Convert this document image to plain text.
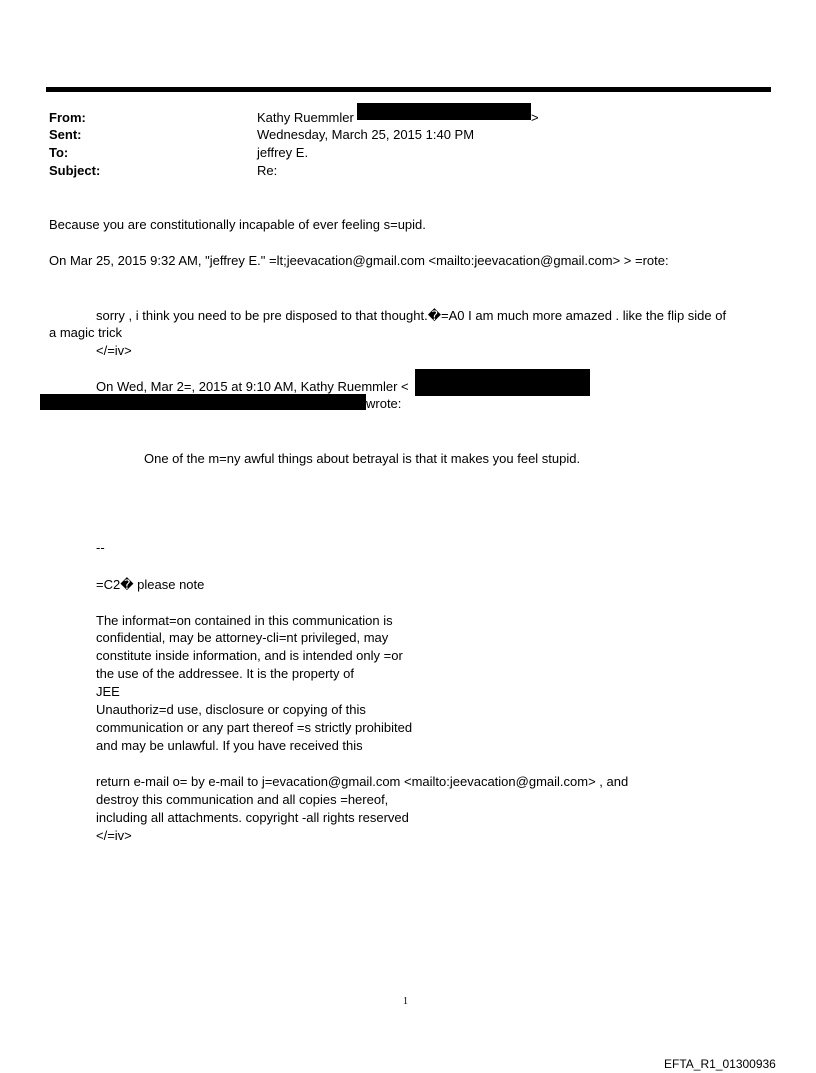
From:
Sent:
To:
Subject:
Kathy Ruemmler	>
Wednesday, March 25, 2015 1:40 PM
jeffrey E.
Re:
Because you are constitutionally incapable of ever feeling s=upid.
On Mar 25, 2015 9:32 AM, "jeffrey E." =lt;jeevacation@gmail.com <mailto:jeevacation@gmail.com> > =rote:
sorry , i think you need to be pre disposed to that thought.�=A0 I am much more amazed . like the flip side of
a magic trick
</=iv>
On Wed, Mar 2=, 2015 at 9:10 AM, Kathy Ruemmler <
wrote:
One of the m=ny awful things about betrayal is that it makes you feel stupid.
--
=C2� please note
The informat=on contained in this communication is
confidential, may be attorney-cli=nt privileged, may
constitute inside information, and is intended only =or
the use of the addressee. It is the property of
JEE
Unauthoriz=d use, disclosure or copying of this
communication or any part thereof =s strictly prohibited
and may be unlawful. If you have received this
return e-mail o= by e-mail to j=evacation@gmail.com <mailto:jeevacation@gmail.com> , and
destroy this communication and all copies =hereof,
including all attachments. copyright -all rights reserved
</=iv>
1
EFTA_R1_01300936
